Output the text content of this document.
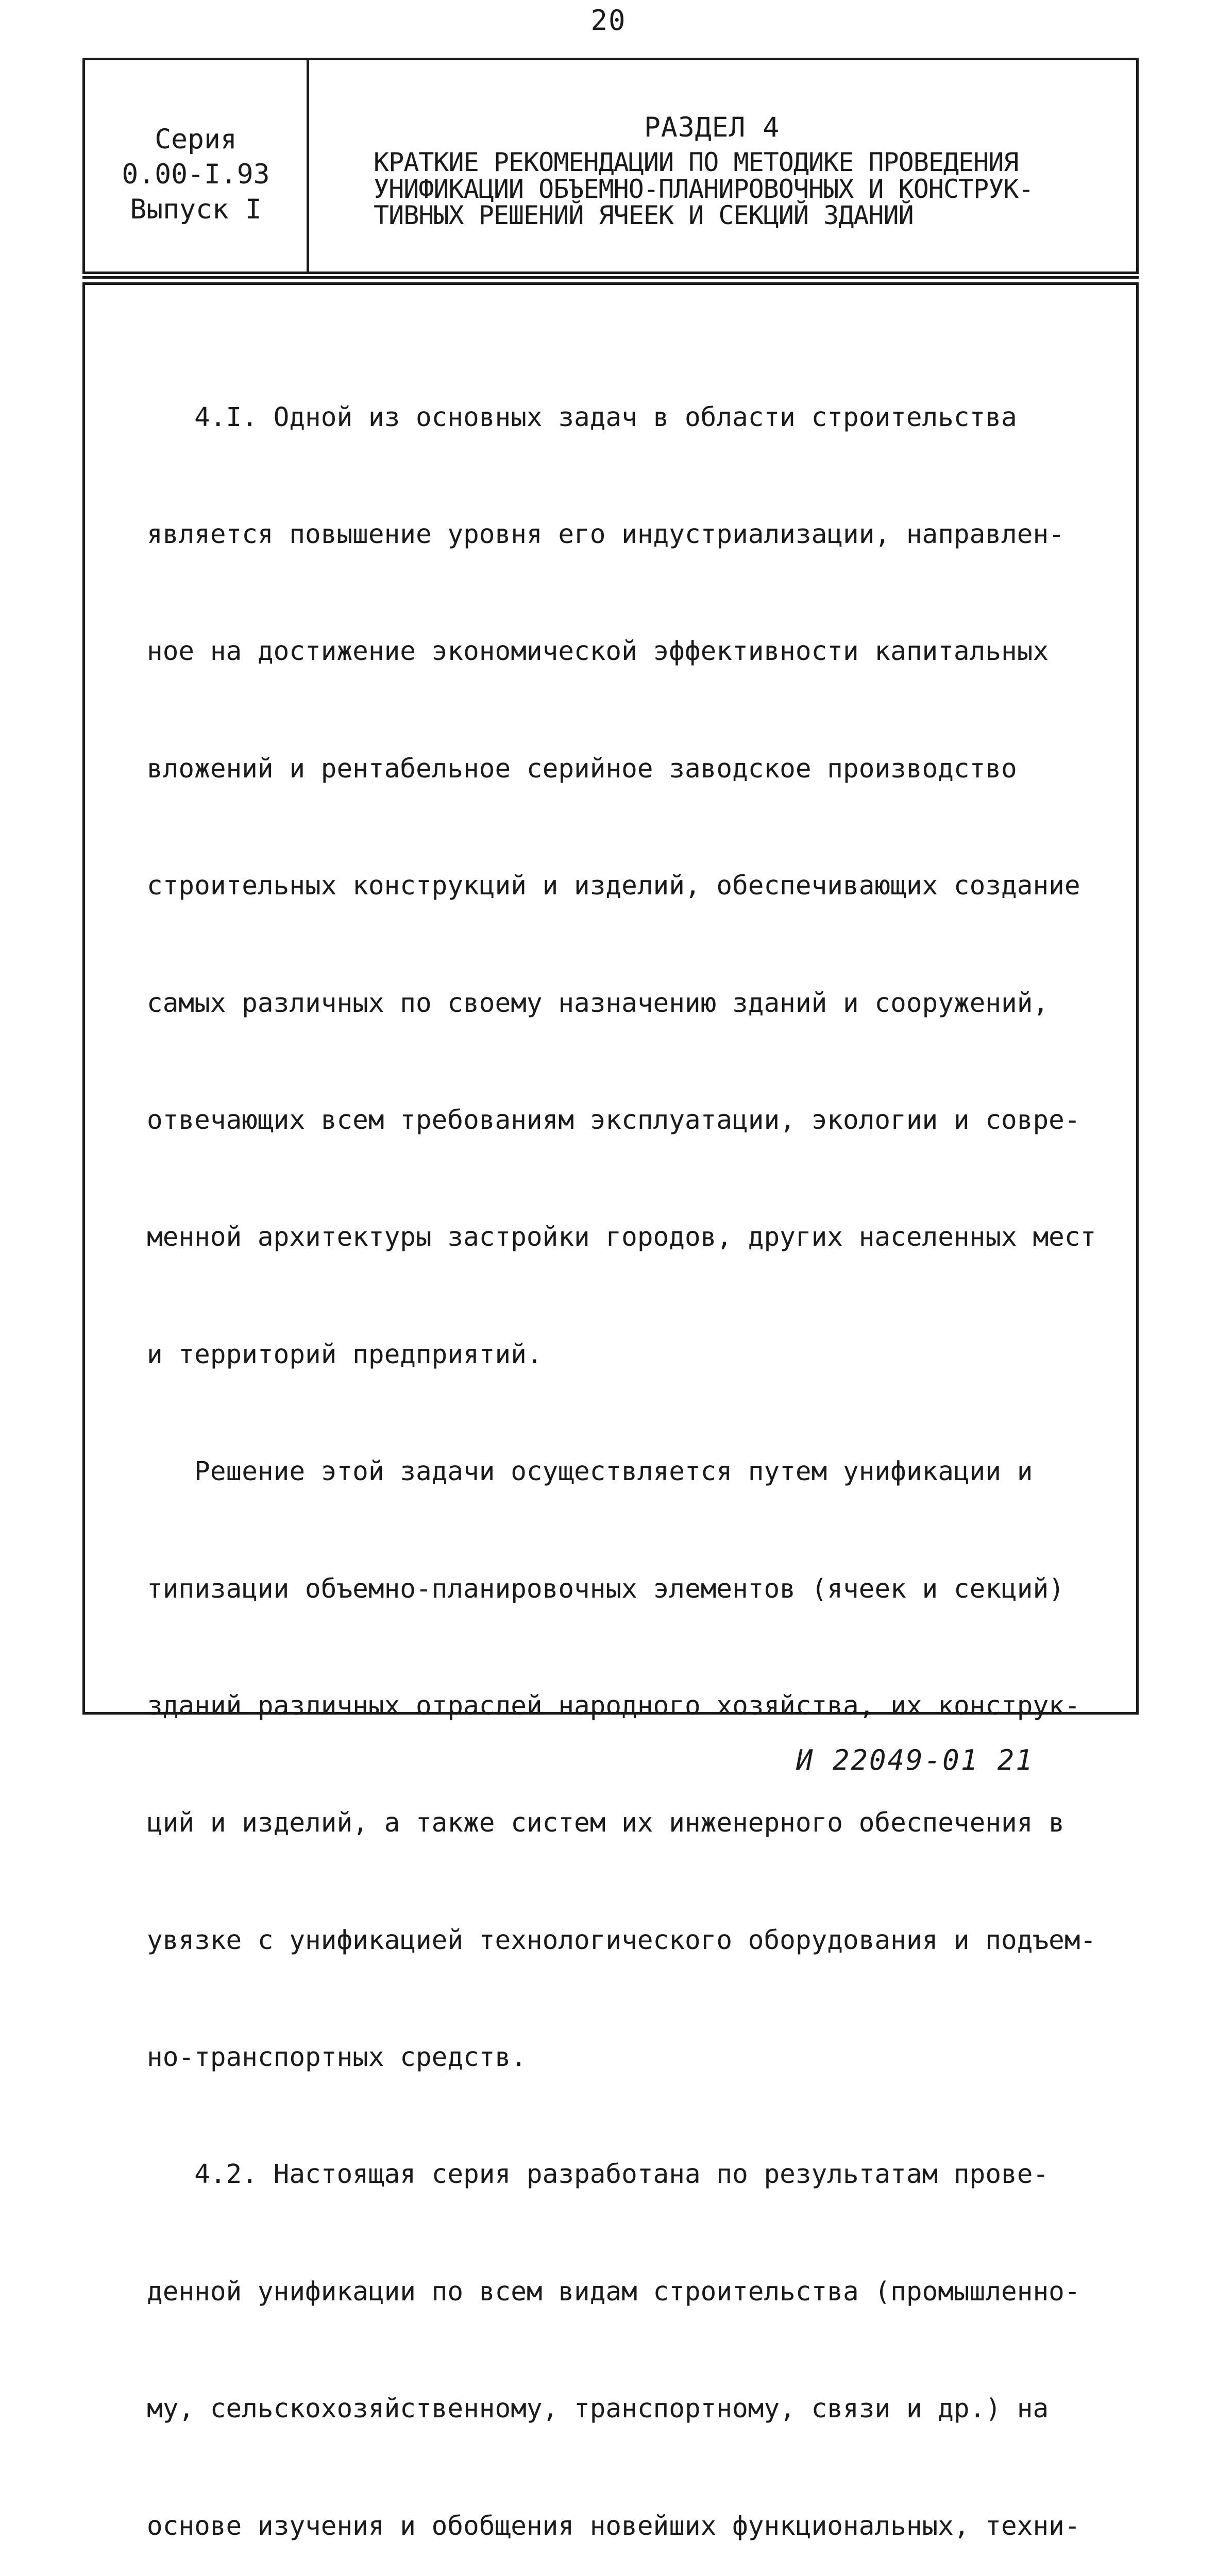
20
Серия
0.00-I.93
Выпуск I
РАЗДЕЛ 4
КРАТКИЕ РЕКОМЕНДАЦИИ ПО МЕТОДИКЕ ПРОВЕДЕНИЯ
УНИФИКАЦИИ ОБЪЕМНО-ПЛАНИРОВОЧНЫХ И КОНСТРУК-
ТИВНЫХ РЕШЕНИЙ ЯЧЕЕК И СЕКЦИЙ ЗДАНИЙ

4.I. Одной из основных задач в области строительства

является повышение уровня его индустриализации, направлен-

ное на достижение экономической эффективности капитальных

вложений и рентабельное серийное заводское производство

строительных конструкций и изделий, обеспечивающих создание

самых различных по своему назначению зданий и сооружений,

отвечающих всем требованиям эксплуатации, экологии и совре-

менной архитектуры застройки городов, других населенных мест

и территорий предприятий.

Решение этой задачи осуществляется путем унификации и

типизации объемно-планировочных элементов (ячеек и секций)

зданий различных отраслей народного хозяйства, их конструк-

ций и изделий, а также систем их инженерного обеспечения в

увязке с унификацией технологического оборудования и подъем-

но-транспортных средств.

4.2. Настоящая серия разработана по результатам прове-

денной унификации по всем видам строительства (промышленно-

му, сельскохозяйственному, транспортному, связи и др.) на

основе изучения и обобщения новейших функциональных, техни-

И 22049-01 21
